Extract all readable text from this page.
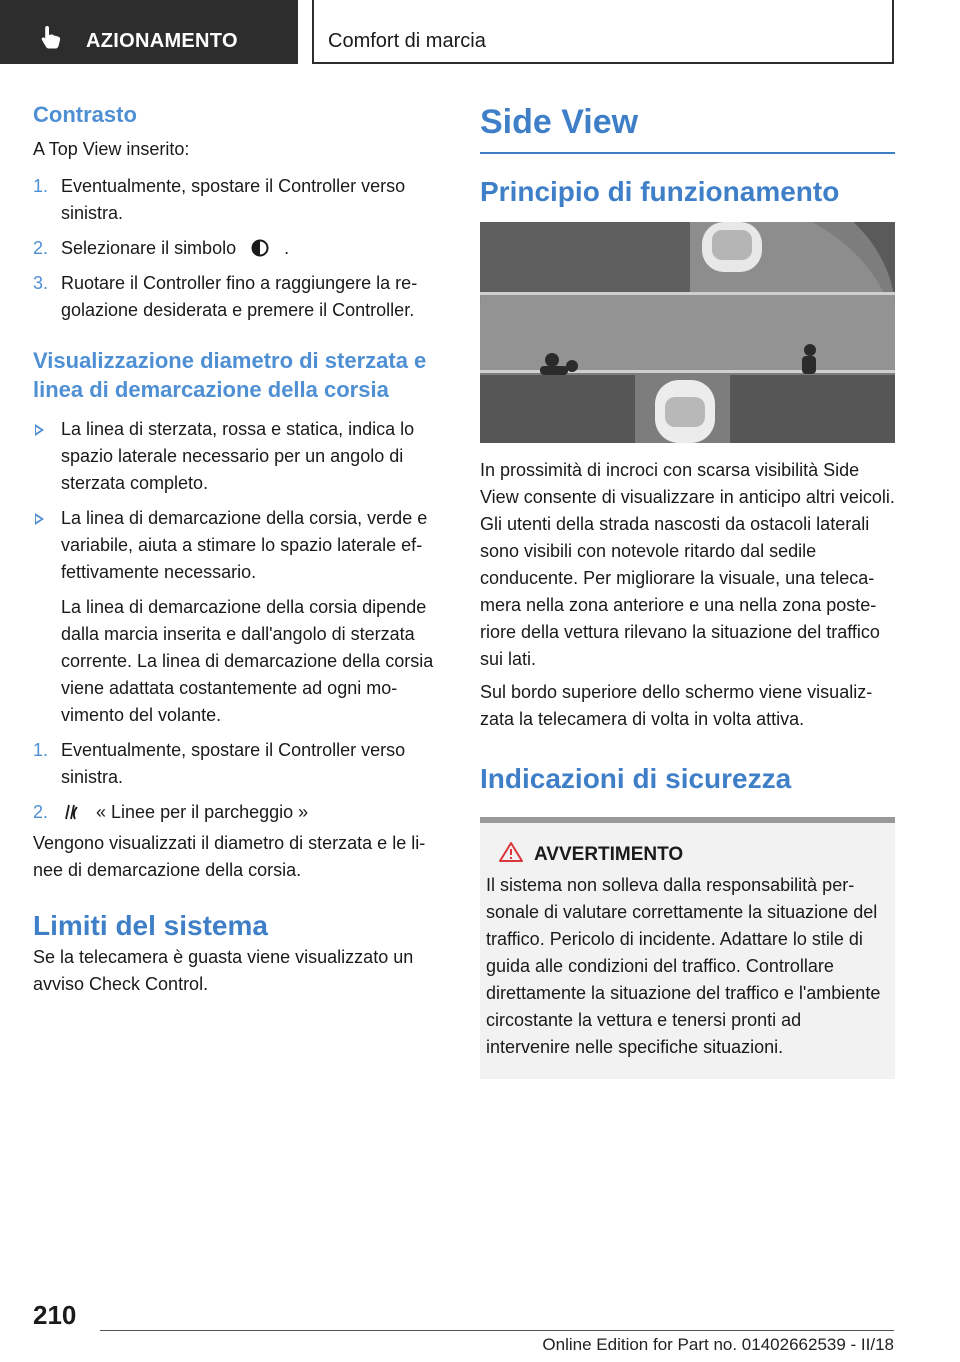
AZIONAMENTO	Comfort di marcia
Contrasto

A Top View inserito:

1. Eventualmente, spostare il Controller verso sinistra.
2. Selezionare il simbolo	.
3. Ruotare il Controller fino a raggiungere la regolazione desiderata e premere il Controller.
Visualizzazione diametro di sterzata e linea di demarcazione della corsia
La linea di sterzata, rossa e statica, indica lo spazio laterale necessario per un angolo di sterzata completo.
La linea di demarcazione della corsia, verde e variabile, aiuta a stimare lo spazio laterale effettivamente necessario.
La linea di demarcazione della corsia dipende dalla marcia inserita e dall'angolo di sterzata corrente. La linea di demarcazione della corsia viene adattata costantemente ad ogni movimento del volante.
1. Eventualmente, spostare il Controller verso sinistra.
2.	« Linee per il parcheggio »

Vengono visualizzati il diametro di sterzata e le linee di demarcazione della corsia.

Limiti del sistema

Se la telecamera è guasta viene visualizzato un avviso Check Control.

Side View
Principio di funzionamento

In prossimità di incroci con scarsa visibilità Side View consente di visualizzare in anticipo altri veicoli. Gli utenti della strada nascosti da ostacoli laterali sono visibili con notevole ritardo dal sedile conducente. Per migliorare la visuale, una telecamera nella zona anteriore e una nella zona posteriore della vettura rilevano la situazione del traffico sui lati.

Sul bordo superiore dello schermo viene visualizzata la telecamera di volta in volta attiva.

Indicazioni di sicurezza
AVVERTIMENTO

Il sistema non solleva dalla responsabilità personale di valutare correttamente la situazione del traffico. Pericolo di incidente. Adattare lo stile di guida alle condizioni del traffico. Controllare direttamente la situazione del traffico e l'ambiente circostante la vettura e tenersi pronti ad intervenire nelle specifiche situazioni.

210
Online Edition for Part no. 01402662539 - II/18
